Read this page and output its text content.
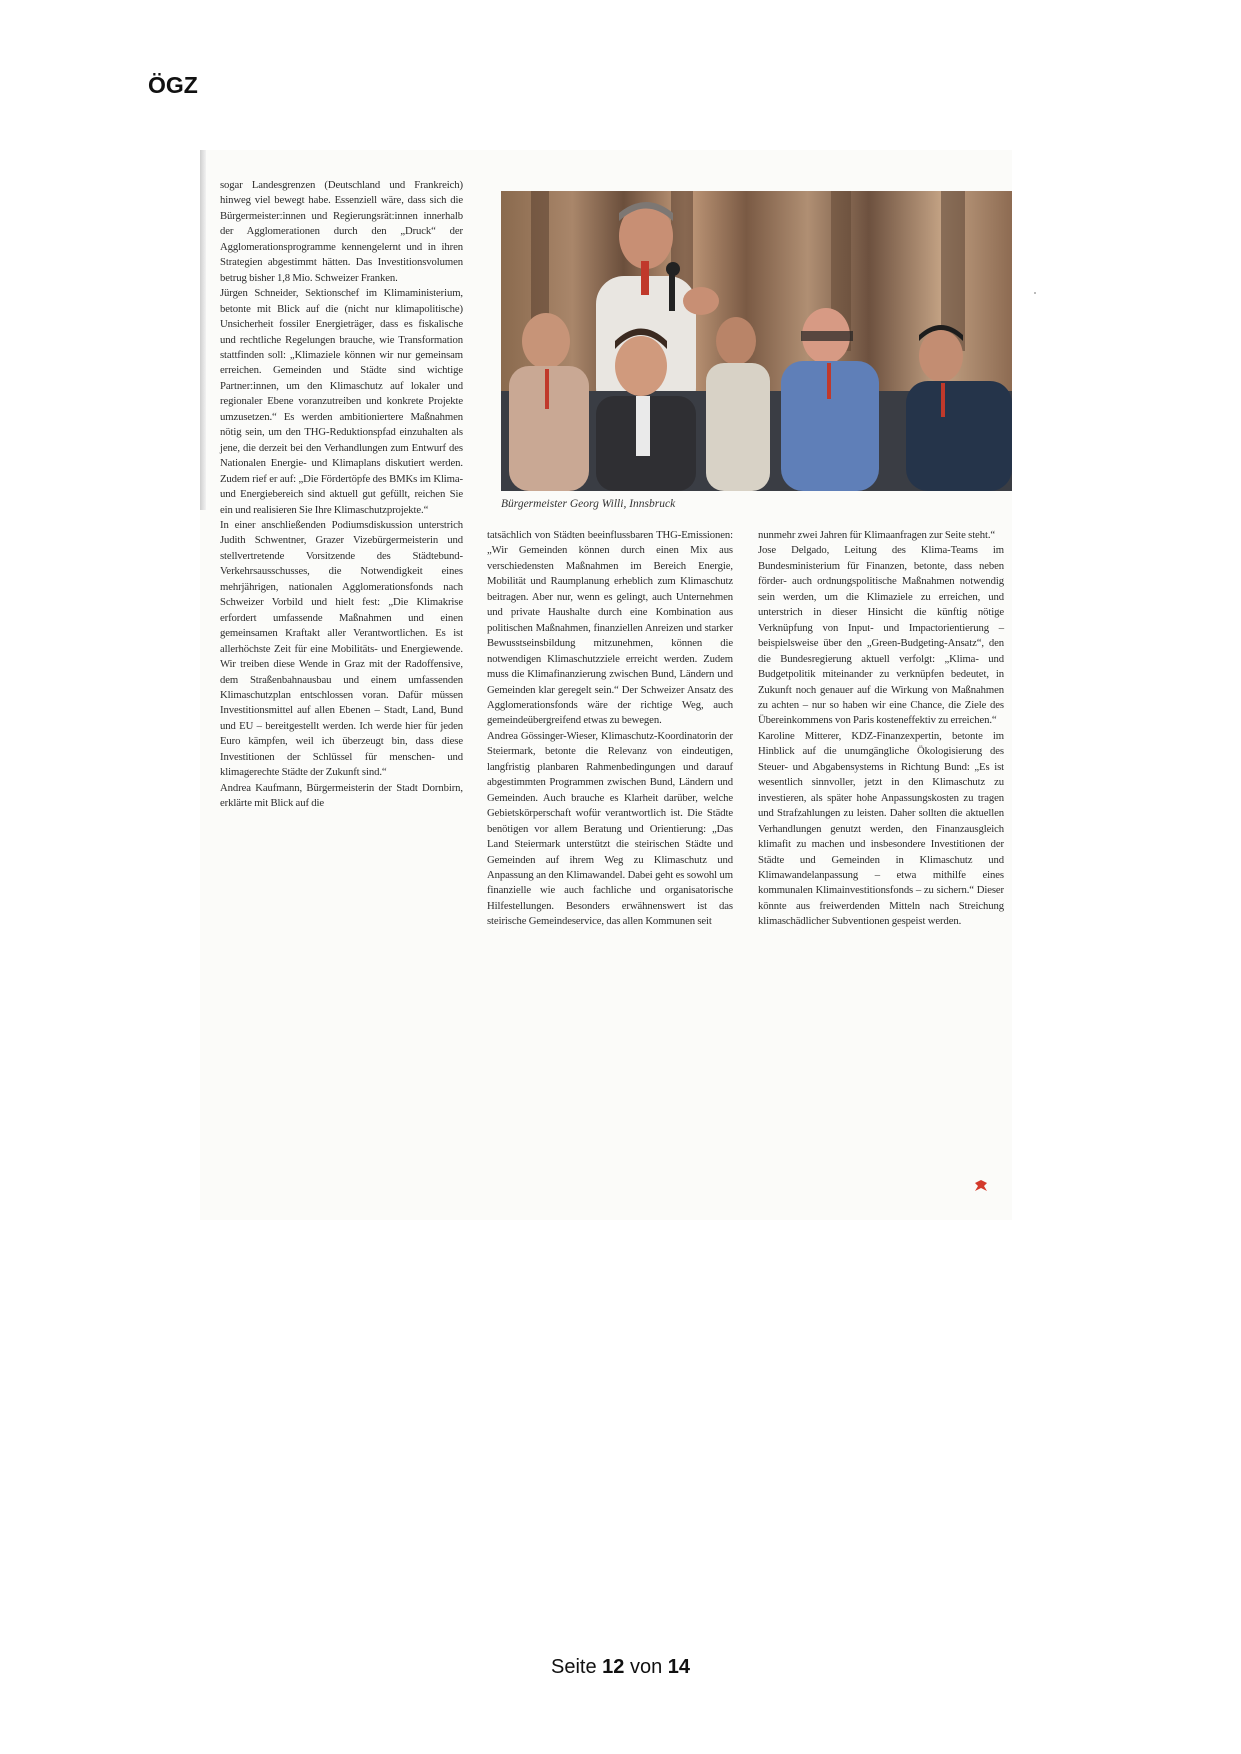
ÖGZ

sogar Landesgrenzen (Deutschland und Frankreich) hinweg viel bewegt habe. Essenziell wäre, dass sich die Bürgermeister:innen und Regierungsrät:innen innerhalb der Agglomerationen durch den „Druck“ der Agglomerationsprogramme kennengelernt und in ihren Strategien abgestimmt hätten. Das Investitionsvolumen betrug bisher 1,8 Mio. Schweizer Franken.

Jürgen Schneider, Sektionschef im Klimaministerium, betonte mit Blick auf die (nicht nur klimapolitische) Unsicherheit fossiler Energieträger, dass es fiskalische und rechtliche Regelungen brauche, wie Transformation stattfinden soll: „Klimaziele können wir nur gemeinsam erreichen. Gemeinden und Städte sind wichtige Partner:innen, um den Klimaschutz auf lokaler und regionaler Ebene voranzutreiben und konkrete Projekte umzusetzen.“ Es werden ambitioniertere Maßnahmen nötig sein, um den THG-Reduktionspfad einzuhalten als jene, die derzeit bei den Verhandlungen zum Entwurf des Nationalen Energie- und Klimaplans diskutiert werden. Zudem rief er auf: „Die Fördertöpfe des BMKs im Klima- und Energiebereich sind aktuell gut gefüllt, reichen Sie ein und realisieren Sie Ihre Klimaschutzprojekte.“

In einer anschließenden Podiumsdiskussion unterstrich Judith Schwentner, Grazer Vizebürgermeisterin und stellvertretende Vorsitzende des Städtebund-Verkehrsausschusses, die Notwendigkeit eines mehrjährigen, nationalen Agglomerationsfonds nach Schweizer Vorbild und hielt fest: „Die Klimakrise erfordert umfassende Maßnahmen und einen gemeinsamen Kraftakt aller Verantwortlichen. Es ist allerhöchste Zeit für eine Mobilitäts- und Energiewende. Wir treiben diese Wende in Graz mit der Radoffensive, dem Straßenbahnausbau und einem umfassenden Klimaschutzplan entschlossen voran. Dafür müssen Investitionsmittel auf allen Ebenen – Stadt, Land, Bund und EU – bereitgestellt werden. Ich werde hier für jeden Euro kämpfen, weil ich überzeugt bin, dass diese Investitionen der Schlüssel für menschen- und klimagerechte Städte der Zukunft sind.“

Andrea Kaufmann, Bürgermeisterin der Stadt Dornbirn, erklärte mit Blick auf die

Bürgermeister Georg Willi, Innsbruck

tatsächlich von Städten beeinflussbaren THG-Emissionen: „Wir Gemeinden können durch einen Mix aus verschiedensten Maßnahmen im Bereich Energie, Mobilität und Raumplanung erheblich zum Klimaschutz beitragen. Aber nur, wenn es gelingt, auch Unternehmen und private Haushalte durch eine Kombination aus politischen Maßnahmen, finanziellen Anreizen und starker Bewusstseinsbildung mitzunehmen, können die notwendigen Klimaschutzziele erreicht werden. Zudem muss die Klimafinanzierung zwischen Bund, Ländern und Gemeinden klar geregelt sein.“ Der Schweizer Ansatz des Agglomerationsfonds wäre der richtige Weg, auch gemeindeübergreifend etwas zu bewegen.

Andrea Gössinger-Wieser, Klimaschutz-Koordinatorin der Steiermark, betonte die Relevanz von eindeutigen, langfristig planbaren Rahmenbedingungen und darauf abgestimmten Programmen zwischen Bund, Ländern und Gemeinden. Auch brauche es Klarheit darüber, welche Gebietskörperschaft wofür verantwortlich ist. Die Städte benötigen vor allem Beratung und Orientierung: „Das Land Steiermark unterstützt die steirischen Städte und Gemeinden auf ihrem Weg zu Klimaschutz und Anpassung an den Klimawandel. Dabei geht es sowohl um finanzielle wie auch fachliche und organisatorische Hilfestellungen. Besonders erwähnenswert ist das steirische Gemeindeservice, das allen Kommunen seit

nunmehr zwei Jahren für Klimaanfragen zur Seite steht.“

Jose Delgado, Leitung des Klima-Teams im Bundesministerium für Finanzen, betonte, dass neben förder- auch ordnungspolitische Maßnahmen notwendig sein werden, um die Klimaziele zu erreichen, und unterstrich in dieser Hinsicht die künftig nötige Verknüpfung von Input- und Impactorientierung – beispielsweise über den „Green-Budgeting-Ansatz“, den die Bundesregierung aktuell verfolgt: „Klima- und Budgetpolitik miteinander zu verknüpfen bedeutet, in Zukunft noch genauer auf die Wirkung von Maßnahmen zu achten – nur so haben wir eine Chance, die Ziele des Übereinkommens von Paris kosteneffektiv zu erreichen.“

Karoline Mitterer, KDZ-Finanzexpertin, betonte im Hinblick auf die unumgängliche Ökologisierung des Steuer- und Abgabensystems in Richtung Bund: „Es ist wesentlich sinnvoller, jetzt in den Klimaschutz zu investieren, als später hohe Anpassungskosten zu tragen und Strafzahlungen zu leisten. Daher sollten die aktuellen Verhandlungen genutzt werden, den Finanzausgleich klimafit zu machen und insbesondere Investitionen der Städte und Gemeinden in Klimaschutz und Klimawandelanpassung – etwa mithilfe eines kommunalen Klimainvestitionsfonds – zu sichern.“ Dieser könnte aus freiwerdenden Mitteln nach Streichung klimaschädlicher Subventionen gespeist werden.

Seite 12 von 14
